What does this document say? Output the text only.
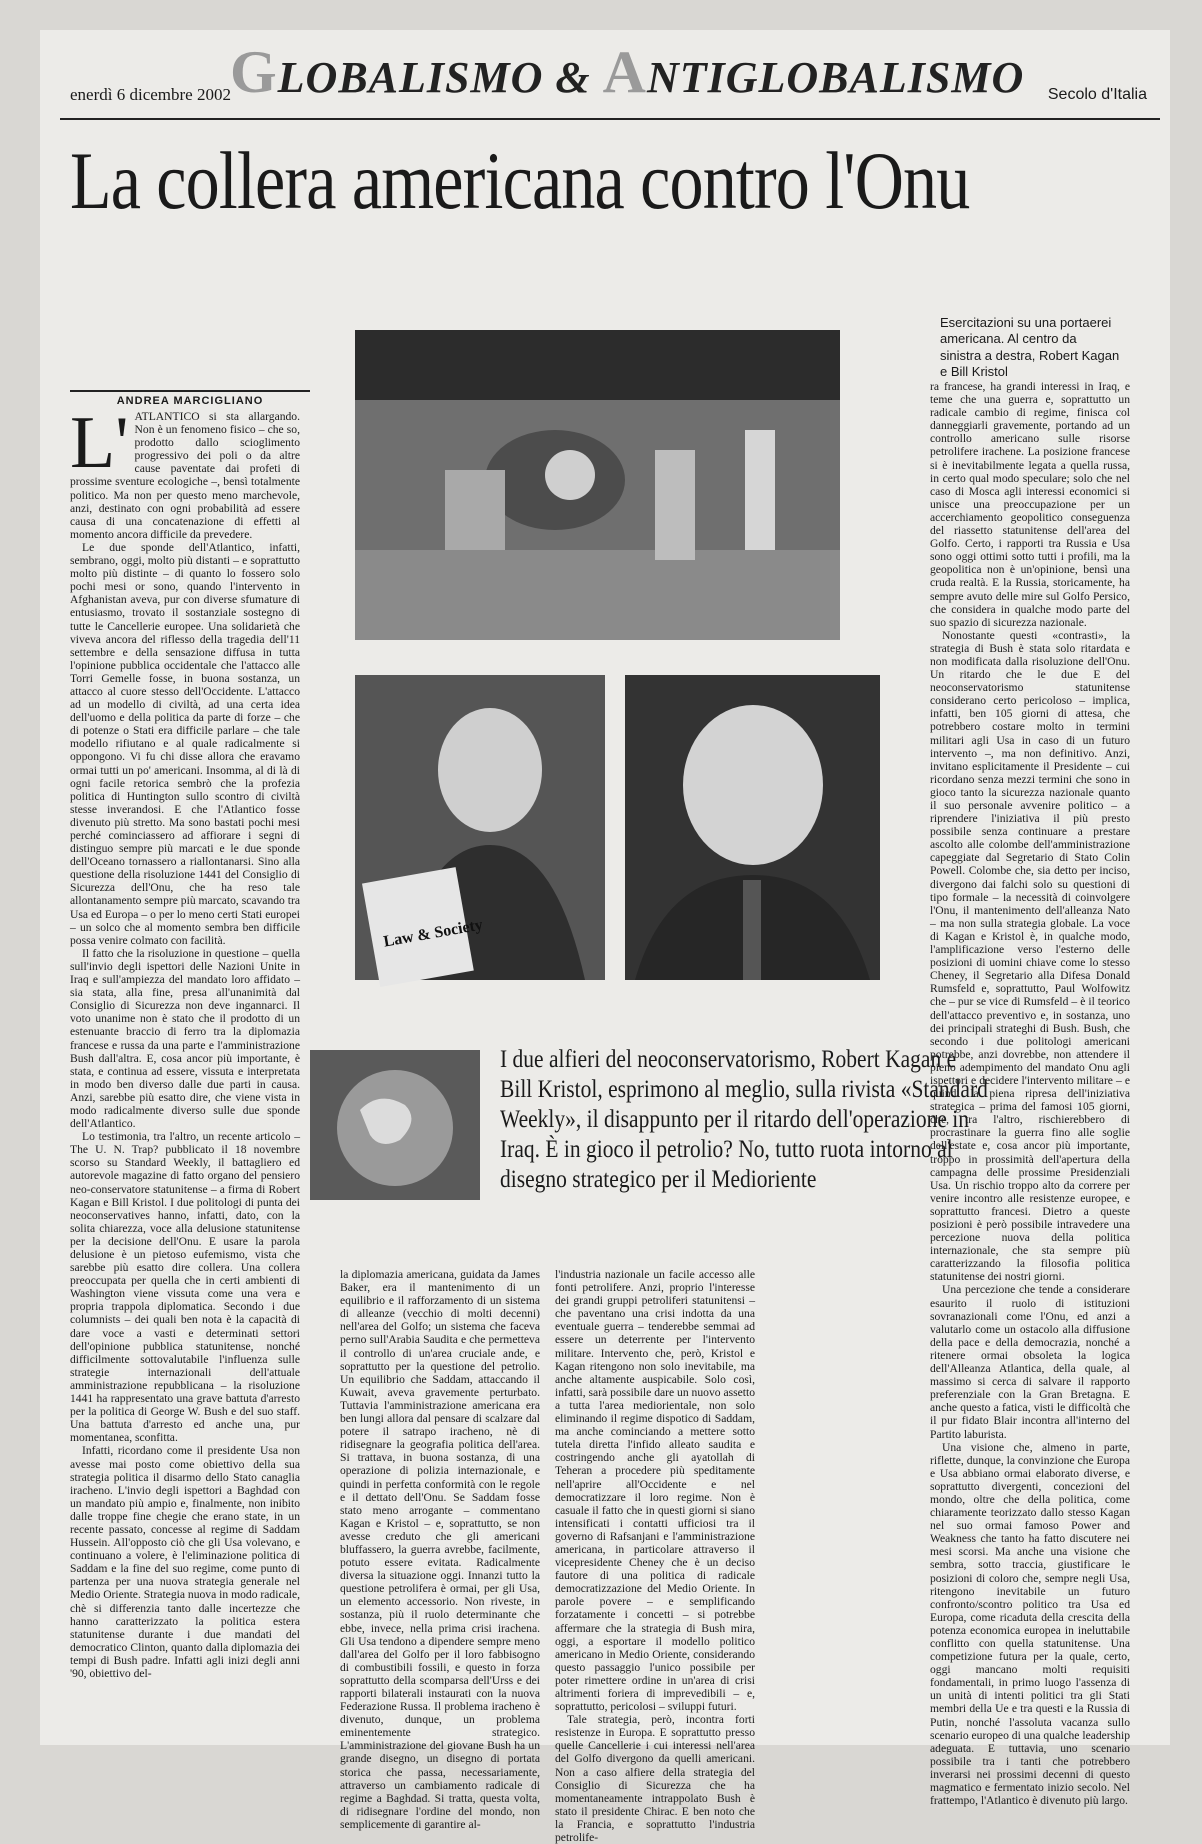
GLOBALISMO & ANTIGLOBALISMO
enerdì 6 dicembre 2002	Secolo d'Italia
La collera americana contro l'Onu
Law & Society
Esercitazioni su una portaerei americana. Al centro da sinistra a destra, Robert Kagan e Bill Kristol
ANDREA MARCIGLIANO
L' ATLANTICO si sta allargando. Non è un fenomeno fisico – che so, prodotto dallo scioglimento progressivo dei poli o da altre cause paventate dai profeti di prossime sventure ecologiche –, bensì totalmente politico. Ma non per questo meno marchevole, anzi, destinato con ogni probabilità ad essere causa di una concatenazione di effetti al momento ancora difficile da prevedere.

Le due sponde dell'Atlantico, infatti, sembrano, oggi, molto più distanti – e soprattutto molto più distinte – di quanto lo fossero solo pochi mesi or sono, quando l'intervento in Afghanistan aveva, pur con diverse sfumature di entusiasmo, trovato il sostanziale sostegno di tutte le Cancellerie europee. Una solidarietà che viveva ancora del riflesso della tragedia dell'11 settembre e della sensazione diffusa in tutta l'opinione pubblica occidentale che l'attacco alle Torri Gemelle fosse, in buona sostanza, un attacco al cuore stesso dell'Occidente. L'attacco ad un modello di civiltà, ad una certa idea dell'uomo e della politica da parte di forze – che di potenze o Stati era difficile parlare – che tale modello rifiutano e al quale radicalmente si oppongono. Vi fu chi disse allora che eravamo ormai tutti un po' americani. Insomma, al di là di ogni facile retorica sembrò che la profezia politica di Huntington sullo scontro di civiltà stesse inverandosi. E che l'Atlantico fosse divenuto più stretto. Ma sono bastati pochi mesi perché cominciassero ad affiorare i segni di distinguo sempre più marcati e le due sponde dell'Oceano tornassero a riallontanarsi. Sino alla questione della risoluzione 1441 del Consiglio di Sicurezza dell'Onu, che ha reso tale allontanamento sempre più marcato, scavando tra Usa ed Europa – o per lo meno certi Stati europei – un solco che al momento sembra ben difficile possa venire colmato con facilità.

Il fatto che la risoluzione in questione – quella sull'invio degli ispettori delle Nazioni Unite in Iraq e sull'ampiezza del mandato loro affidato – sia stata, alla fine, presa all'unanimità dal Consiglio di Sicurezza non deve ingannarci. Il voto unanime non è stato che il prodotto di un estenuante braccio di ferro tra la diplomazia francese e russa da una parte e l'amministrazione Bush dall'altra. E, cosa ancor più importante, è stata, e continua ad essere, vissuta e interpretata in modo ben diverso dalle due parti in causa. Anzi, sarebbe più esatto dire, che viene vista in modo radicalmente diverso sulle due sponde dell'Atlantico.

Lo testimonia, tra l'altro, un recente articolo – The U. N. Trap? pubblicato il 18 novembre scorso su Standard Weekly, il battagliero ed autorevole magazine di fatto organo del pensiero neo-conservatore statunitense – a firma di Robert Kagan e Bill Kristol. I due politologi di punta dei neoconservatives hanno, infatti, dato, con la solita chiarezza, voce alla delusione statunitense per la decisione dell'Onu. E usare la parola delusione è un pietoso eufemismo, vista che sarebbe più esatto dire collera. Una collera preoccupata per quella che in certi ambienti di Washington viene vissuta come una vera e propria trappola diplomatica. Secondo i due columnists – dei quali ben nota è la capacità di dare voce a vasti e determinati settori dell'opinione pubblica statunitense, nonché difficilmente sottovalutabile l'influenza sulle strategie internazionali dell'attuale amministrazione repubblicana – la risoluzione 1441 ha rappresentato una grave battuta d'arresto per la politica di George W. Bush e del suo staff. Una battuta d'arresto ed anche una, pur momentanea, sconfitta.

Infatti, ricordano come il presidente Usa non avesse mai posto come obiettivo della sua strategia politica il disarmo dello Stato canaglia iracheno. L'invio degli ispettori a Baghdad con un mandato più ampio e, finalmente, non inibito dalle troppe fine chegie che erano state, in un recente passato, concesse al regime di Saddam Hussein. All'opposto ciò che gli Usa volevano, e continuano a volere, è l'eliminazione politica di Saddam e la fine del suo regime, come punto di partenza per una nuova strategia generale nel Medio Oriente. Strategia nuova in modo radicale, chè si differenzia tanto dalle incertezze che hanno caratterizzato la politica estera statunitense durante i due mandati del democratico Clinton, quanto dalla diplomazia dei tempi di Bush padre. Infatti agli inizi degli anni '90, obiettivo del-

I due alfieri del neoconservatorismo, Robert Kagan e Bill Kristol, esprimono al meglio, sulla rivista «Standard Weekly», il disappunto per il ritardo dell'operazione in Iraq. È in gioco il petrolio? No, tutto ruota intorno al disegno strategico per il Medioriente

la diplomazia americana, guidata da James Baker, era il mantenimento di un equilibrio e il rafforzamento di un sistema di alleanze (vecchio di molti decenni) nell'area del Golfo; un sistema che faceva perno sull'Arabia Saudita e che permetteva il controllo di un'area cruciale ande, e soprattutto per la questione del petrolio. Un equilibrio che Saddam, attaccando il Kuwait, aveva gravemente perturbato. Tuttavia l'amministrazione americana era ben lungi allora dal pensare di scalzare dal potere il satrapo iracheno, nè di ridisegnare la geografia politica dell'area. Si trattava, in buona sostanza, di una operazione di polizia internazionale, e quindi in perfetta conformità con le regole e il dettato dell'Onu. Se Saddam fosse stato meno arrogante – commentano Kagan e Kristol – e, soprattutto, se non avesse creduto che gli americani bluffassero, la guerra avrebbe, facilmente, potuto essere evitata. Radicalmente diversa la situazione oggi. Innanzi tutto la questione petrolifera è ormai, per gli Usa, un elemento accessorio. Non riveste, in sostanza, più il ruolo determinante che ebbe, invece, nella prima crisi irachena. Gli Usa tendono a dipendere sempre meno dall'area del Golfo per il loro fabbisogno di combustibili fossili, e questo in forza soprattutto della scomparsa dell'Urss e dei rapporti bilaterali instaurati con la nuova Federazione Russa. Il problema iracheno è divenuto, dunque, un problema eminentemente strategico. L'amministrazione del giovane Bush ha un grande disegno, un disegno di portata storica che passa, necessariamente, attraverso un cambiamento radicale di regime a Baghdad. Si tratta, questa volta, di ridisegnare l'ordine del mondo, non semplicemente di garantire al-

l'industria nazionale un facile accesso alle fonti petrolifere. Anzi, proprio l'interesse dei grandi gruppi petroliferi statunitensi – che paventano una crisi indotta da una eventuale guerra – tenderebbe semmai ad essere un deterrente per l'intervento militare. Intervento che, però, Kristol e Kagan ritengono non solo inevitabile, ma anche altamente auspicabile. Solo così, infatti, sarà possibile dare un nuovo assetto a tutta l'area mediorientale, non solo eliminando il regime dispotico di Saddam, ma anche cominciando a mettere sotto tutela diretta l'infido alleato saudita e costringendo anche gli ayatollah di Teheran a procedere più speditamente nell'aprire all'Occidente e nel democratizzare il loro regime. Non è casuale il fatto che in questi giorni si siano intensificati i contatti ufficiosi tra il governo di Rafsanjani e l'amministrazione americana, in particolare attraverso il vicepresidente Cheney che è un deciso fautore di una politica di radicale democratizzazione del Medio Oriente. In parole povere – e semplificando forzatamente i concetti – si potrebbe affermare che la strategia di Bush mira, oggi, a esportare il modello politico americano in Medio Oriente, considerando questo passaggio l'unico possibile per poter rimettere ordine in un'area di crisi altrimenti foriera di imprevedibili – e, soprattutto, pericolosi – sviluppi futuri.

Tale strategia, però, incontra forti resistenze in Europa. E soprattutto presso quelle Cancellerie i cui interessi nell'area del Golfo divergono da quelli americani. Non a caso alfiere della strategia del Consiglio di Sicurezza che ha momentaneamente intrappolato Bush è stato il presidente Chirac. E ben noto che la Francia, e soprattutto l'industria petrolife-

ra francese, ha grandi interessi in Iraq, e teme che una guerra e, soprattutto un radicale cambio di regime, finisca col danneggiarli gravemente, portando ad un controllo americano sulle risorse petrolifere irachene. La posizione francese si è inevitabilmente legata a quella russa, in certo qual modo speculare; solo che nel caso di Mosca agli interessi economici si unisce una preoccupazione per un accerchiamento geopolitico conseguenza del riassetto statunitense dell'area del Golfo. Certo, i rapporti tra Russia e Usa sono oggi ottimi sotto tutti i profili, ma la geopolitica non è un'opinione, bensì una cruda realtà. E la Russia, storicamente, ha sempre avuto delle mire sul Golfo Persico, che considera in qualche modo parte del suo spazio di sicurezza nazionale.

Nonostante questi «contrasti», la strategia di Bush è stata solo ritardata e non modificata dalla risoluzione dell'Onu. Un ritardo che le due E del neoconservatorismo statunitense considerano certo pericoloso – implica, infatti, ben 105 giorni di attesa, che potrebbero costare molto in termini militari agli Usa in caso di un futuro intervento –, ma non definitivo. Anzi, invitano esplicitamente il Presidente – cui ricordano senza mezzi termini che sono in gioco tanto la sicurezza nazionale quanto il suo personale avvenire politico – a riprendere l'iniziativa il più presto possibile senza continuare a prestare ascolto alle colombe dell'amministrazione capeggiate dal Segretario di Stato Colin Powell. Colombe che, sia detto per inciso, divergono dai falchi solo su questioni di tipo formale – la necessità di coinvolgere l'Onu, il mantenimento dell'alleanza Nato – ma non sulla strategia globale. La voce di Kagan e Kristol è, in qualche modo, l'amplificazione verso l'esterno delle posizioni di uomini chiave come lo stesso Cheney, il Segretario alla Difesa Donald Rumsfeld e, soprattutto, Paul Wolfowitz che – pur se vice di Rumsfeld – è il teorico dell'attacco preventivo e, in sostanza, uno dei principali strateghi di Bush. Bush, che secondo i due politologi americani potrebbe, anzi dovrebbe, non attendere il pieno adempimento del mandato Onu agli ispettori e decidere l'intervento militare – e quindi la piena ripresa dell'iniziativa strategica – prima del famosi 105 giorni, che, tra l'altro, rischierebbero di procrastinare la guerra fino alle soglie dell'estate e, cosa ancor più importante, troppo in prossimità dell'apertura della campagna delle prossime Presidenziali Usa. Un rischio troppo alto da correre per venire incontro alle resistenze europee, e soprattutto francesi. Dietro a queste posizioni è però possibile intravedere una percezione nuova della politica internazionale, che sta sempre più caratterizzando la filosofia politica statunitense dei nostri giorni.

Una percezione che tende a considerare esaurito il ruolo di istituzioni sovranazionali come l'Onu, ed anzi a valutarlo come un ostacolo alla diffusione della pace e della democrazia, nonché a ritenere ormai obsoleta la logica dell'Alleanza Atlantica, della quale, al massimo si cerca di salvare il rapporto preferenziale con la Gran Bretagna. E anche questo a fatica, visti le difficoltà che il pur fidato Blair incontra all'interno del Partito laburista.

Una visione che, almeno in parte, riflette, dunque, la convinzione che Europa e Usa abbiano ormai elaborato diverse, e soprattutto divergenti, concezioni del mondo, oltre che della politica, come chiaramente teorizzato dallo stesso Kagan nel suo ormai famoso Power and Weakness che tanto ha fatto discutere nei mesi scorsi. Ma anche una visione che sembra, sotto traccia, giustificare le posizioni di coloro che, sempre negli Usa, ritengono inevitabile un futuro confronto/scontro politico tra Usa ed Europa, come ricaduta della crescita della potenza economica europea in ineluttabile conflitto con quella statunitense. Una competizione futura per la quale, certo, oggi mancano molti requisiti fondamentali, in primo luogo l'assenza di un unità di intenti politici tra gli Stati membri della Ue e tra questi e la Russia di Putin, nonché l'assoluta vacanza sullo scenario europeo di una qualche leadership adeguata. E tuttavia, uno scenario possibile tra i tanti che potrebbero inverarsi nei prossimi decenni di questo magmatico e fermentato inizio secolo. Nel frattempo, l'Atlantico è divenuto più largo.
